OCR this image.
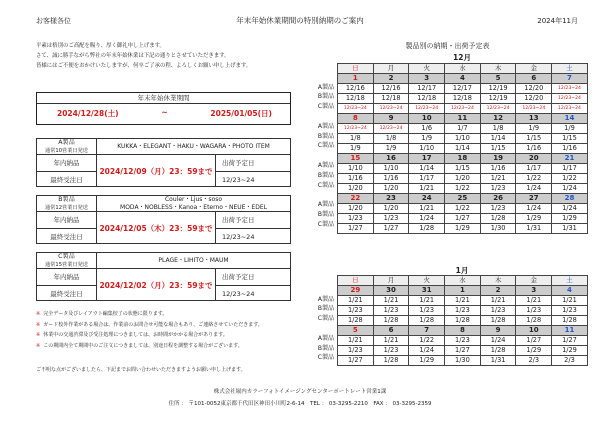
お客様各位	年末年始休業期間の特別納期のご案内	2024年11月

平素は格別のご高配を賜り、厚く御礼申し上げます。

さて、誠に勝手ながら弊社の年末年始休業は下記の通りとさせていただきます。

皆様にはご不便をおかけいたしますが、何卒ご了承の程、よろしくお願い申し上げます。

年末年始休業期間
2024/12/28(土)	~	2025/01/05(日)
A製品
通常10営業日発送
KUKKA・ELEGANT・HAKU・WAGARA・PHOTO ITEM
年内納品
最終受注日
2024/12/09（月）23：59まで
出荷予定日
12/23~24
B製品
通常12営業日発送
Couler・Ljus・soso
MODA・NOBLESS・Kanoa・Eterno・NEUE・EDEL
年内納品
最終受注日
2024/12/05（木）23：59まで
出荷予定日
12/23~24
C製品
通常15営業日発送
PLAGE・LIHITO・MAUM
年内納品
最終受注日
2024/12/02（月）23：59まで
出荷予定日
12/23~24

※ 完全データ及びレイアウト編集校了の状態に限ります。

※ ガード校外作業がある場合は、作業前のお問合せ可能な場合もあり、ご連絡させていただきます。

※ 休業中の交通渋滞及び受注処理につきましては、お時間がかかる場合があります。

※ この期間内全て期間中のご注文につきましては、別途日程を調整する場合がございます。

ご不明な点がございましたら、下記までお問い合わせいただきますようお願い申し上げます。
製品別の納期・出荷予定表
12月
日	月	火	水	木	金	土
1	2	3	4	5	6	7
12/16	12/16	12/17	12/17	12/19	12/20	12/23~24
12/18	12/18	12/18	12/18	12/19	12/20	12/23~24
12/23~24	12/23~24	12/23~24	12/23~24	12/23~24	12/23~24	12/23~24
8	9	10	11	12	13	14
12/23~24	12/23~24	1/6	1/7	1/8	1/9	1/9
1/8	1/8	1/9	1/10	1/14	1/15	1/15
1/9	1/9	1/10	1/14	1/15	1/16	1/16
15	16	17	18	19	20	21
1/10	1/10	1/14	1/15	1/16	1/17	1/17
1/16	1/16	1/17	1/20	1/21	1/22	1/22
1/20	1/20	1/21	1/22	1/23	1/24	1/24
22	23	24	25	26	27	28
1/20	1/20	1/21	1/22	1/23	1/24	1/24
1/23	1/23	1/24	1/27	1/28	1/29	1/29
1/27	1/27	1/28	1/29	1/30	1/31	1/31
A製品
B製品
C製品
A製品
B製品
C製品
A製品
B製品
C製品
A製品
B製品
C製品
1月
日	月	火	水	木	金	土
29	30	31	1	2	3	4
1/21	1/21	1/21	1/21	1/21	1/21	1/21
1/23	1/23	1/23	1/23	1/23	1/23	1/23
1/28	1/28	1/28	1/28	1/28	1/28	1/28
5	6	7	8	9	10	11
1/21	1/21	1/22	1/23	1/24	1/27	1/27
1/23	1/23	1/24	1/27	1/28	1/29	1/29
1/27	1/28	1/29	1/30	1/31	2/3	2/3
A製品
B製品
C製品
A製品
B製品
C製品
株式会社堀内カラーフォトイメージングセンターポートレート営業1課
住所 ： 〒101-0052東京都千代田区神田小川町2-6-14　TEL ： 03-3295-2210　FAX ： 03-3295-2359
